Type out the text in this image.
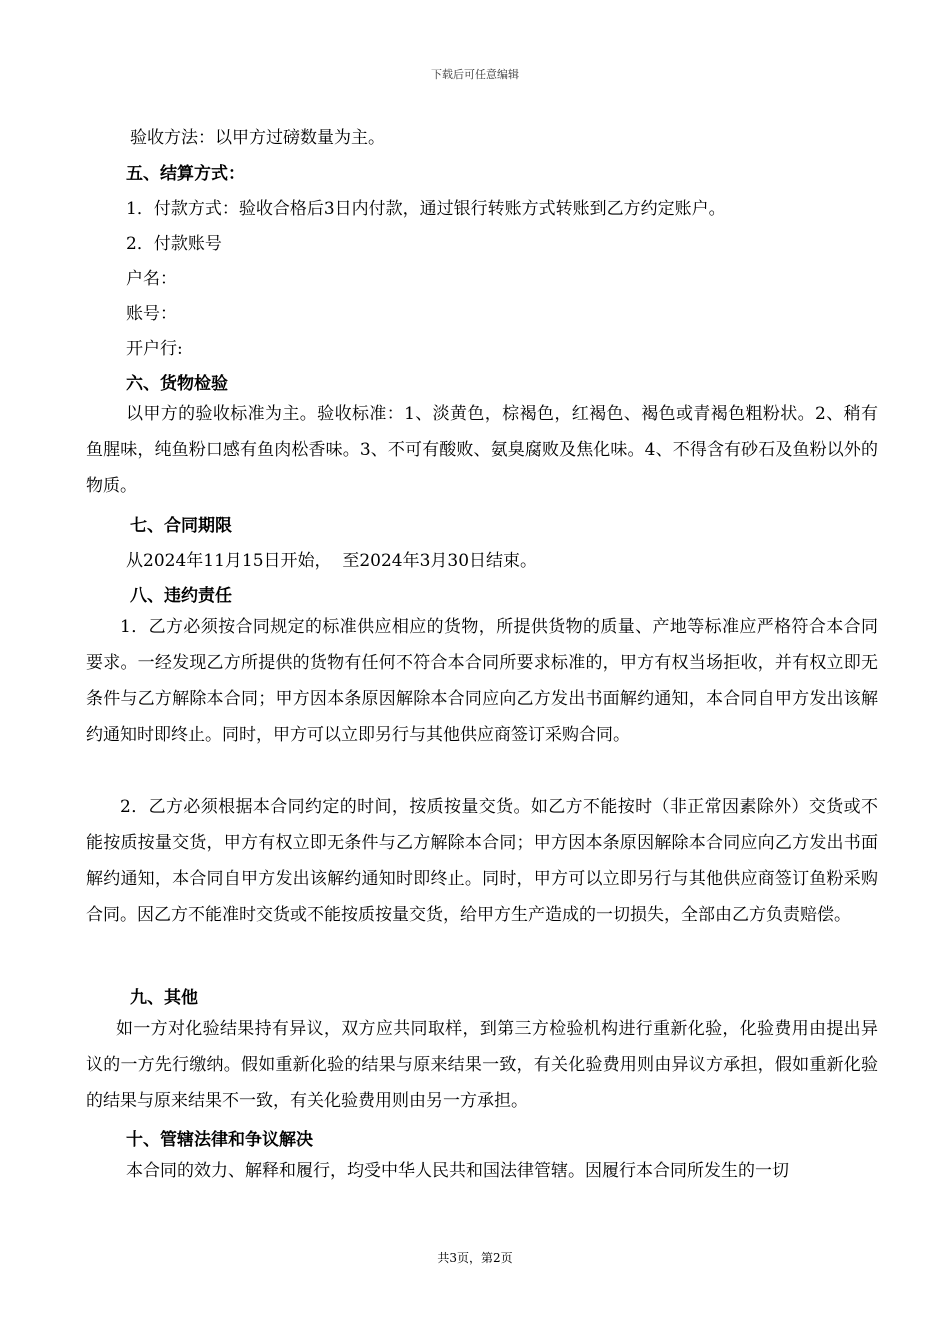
下载后可任意编辑
验收方法：以甲方过磅数量为主。
五、结算方式：
1．付款方式：验收合格后3日内付款，通过银行转账方式转账到乙方约定账户。
2．付款账号
户名：
账号：
开户行:
六、货物检验
以甲方的验收标准为主。验收标准：1、淡黄色，棕褐色，红褐色、褐色或青褐色粗粉状。2、稍有鱼腥味，纯鱼粉口感有鱼肉松香味。3、不可有酸败、氨臭腐败及焦化味。4、不得含有砂石及鱼粉以外的物质。
七、合同期限
从2024年11月15日开始，  至2024年3月30日结束。
八、违约责任
1．乙方必须按合同规定的标准供应相应的货物，所提供货物的质量、产地等标准应严格符合本合同要求。一经发现乙方所提供的货物有任何不符合本合同所要求标准的，甲方有权当场拒收，并有权立即无条件与乙方解除本合同；甲方因本条原因解除本合同应向乙方发出书面解约通知，本合同自甲方发出该解约通知时即终止。同时，甲方可以立即另行与其他供应商签订采购合同。
2．乙方必须根据本合同约定的时间，按质按量交货。如乙方不能按时（非正常因素除外）交货或不能按质按量交货，甲方有权立即无条件与乙方解除本合同；甲方因本条原因解除本合同应向乙方发出书面解约通知，本合同自甲方发出该解约通知时即终止。同时，甲方可以立即另行与其他供应商签订鱼粉采购合同。因乙方不能准时交货或不能按质按量交货，给甲方生产造成的一切损失，全部由乙方负责赔偿。
九、其他
如一方对化验结果持有异议，双方应共同取样，到第三方检验机构进行重新化验，化验费用由提出异议的一方先行缴纳。假如重新化验的结果与原来结果一致，有关化验费用则由异议方承担，假如重新化验的结果与原来结果不一致，有关化验费用则由另一方承担。
十、管辖法律和争议解决
本合同的效力、解释和履行，均受中华人民共和国法律管辖。因履行本合同所发生的一切
共3页，第2页
